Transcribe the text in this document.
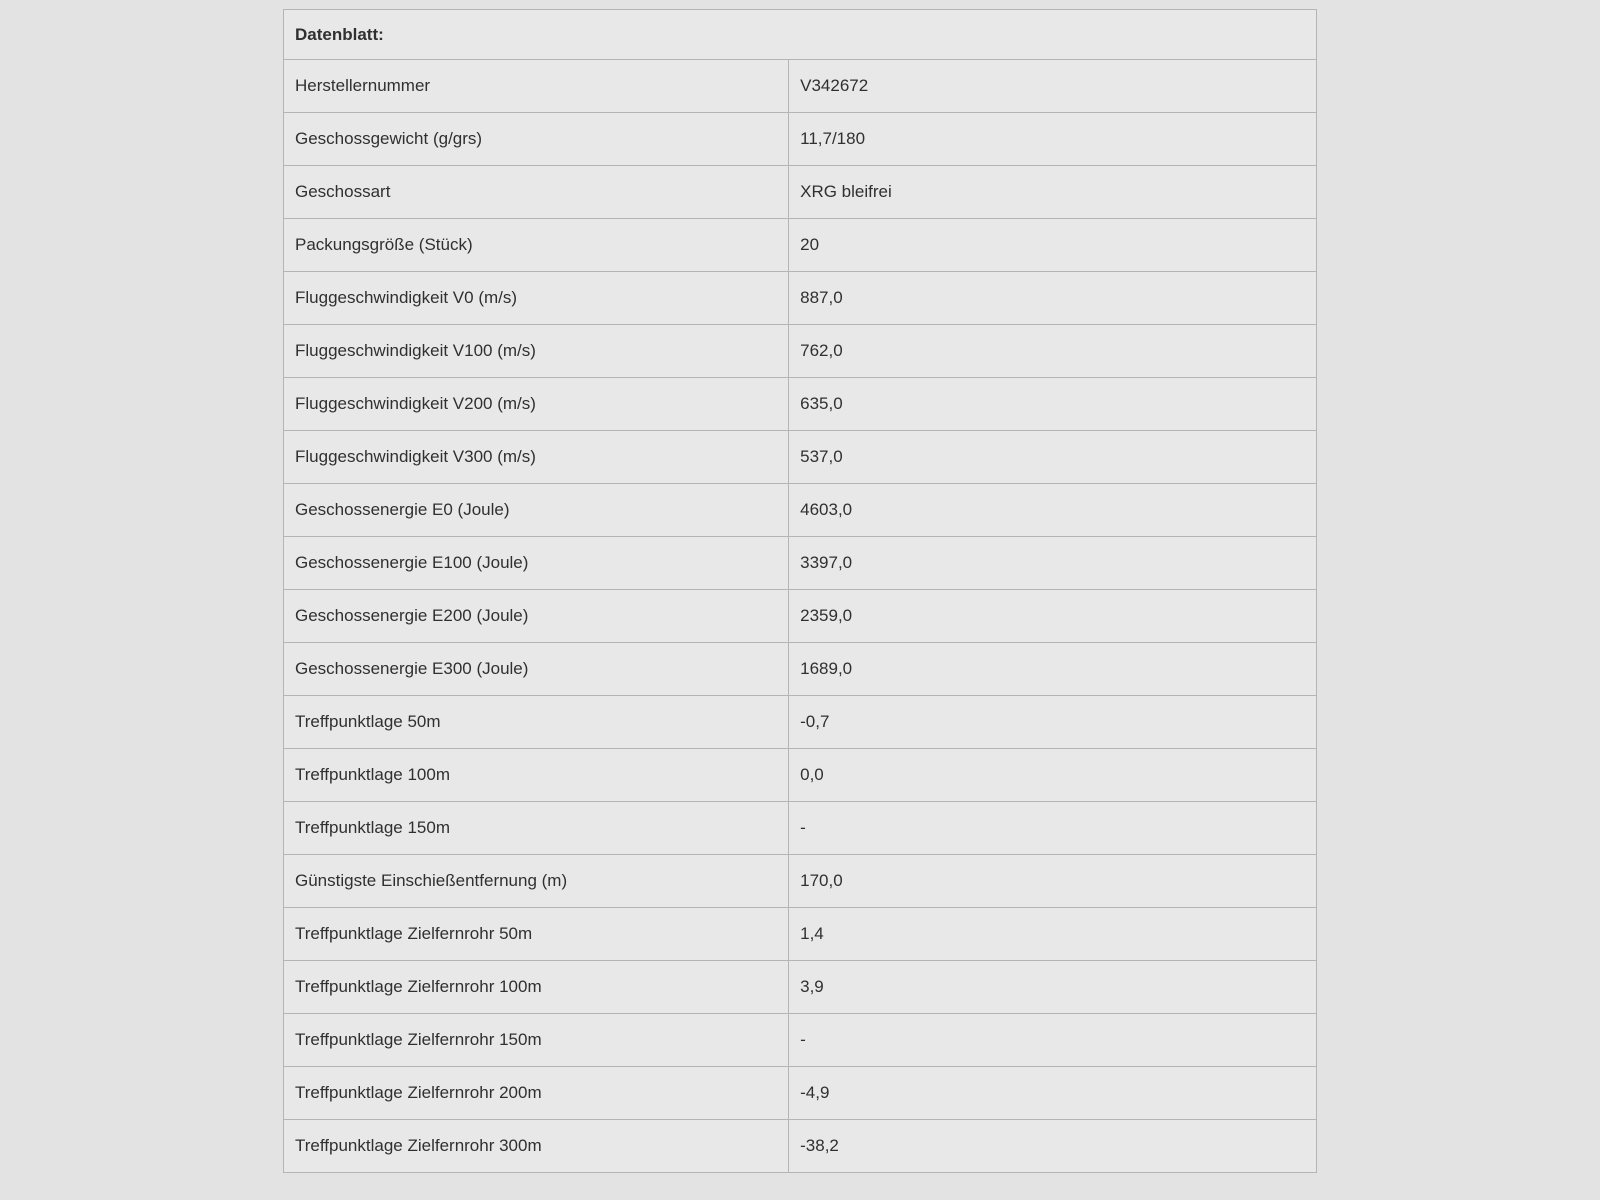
Datenblatt:	
Herstellernummer	V342672
Geschossgewicht (g/grs)	11,7/180
Geschossart	XRG bleifrei
Packungsgröße (Stück)	20
Fluggeschwindigkeit V0 (m/s)	887,0
Fluggeschwindigkeit V100 (m/s)	762,0
Fluggeschwindigkeit V200 (m/s)	635,0
Fluggeschwindigkeit V300 (m/s)	537,0
Geschossenergie E0 (Joule)	4603,0
Geschossenergie E100 (Joule)	3397,0
Geschossenergie E200 (Joule)	2359,0
Geschossenergie E300 (Joule)	1689,0
Treffpunktlage 50m	-0,7
Treffpunktlage 100m	0,0
Treffpunktlage 150m	-
Günstigste Einschießentfernung (m)	170,0
Treffpunktlage Zielfernrohr 50m	1,4
Treffpunktlage Zielfernrohr 100m	3,9
Treffpunktlage Zielfernrohr 150m	-
Treffpunktlage Zielfernrohr 200m	-4,9
Treffpunktlage Zielfernrohr 300m	-38,2
